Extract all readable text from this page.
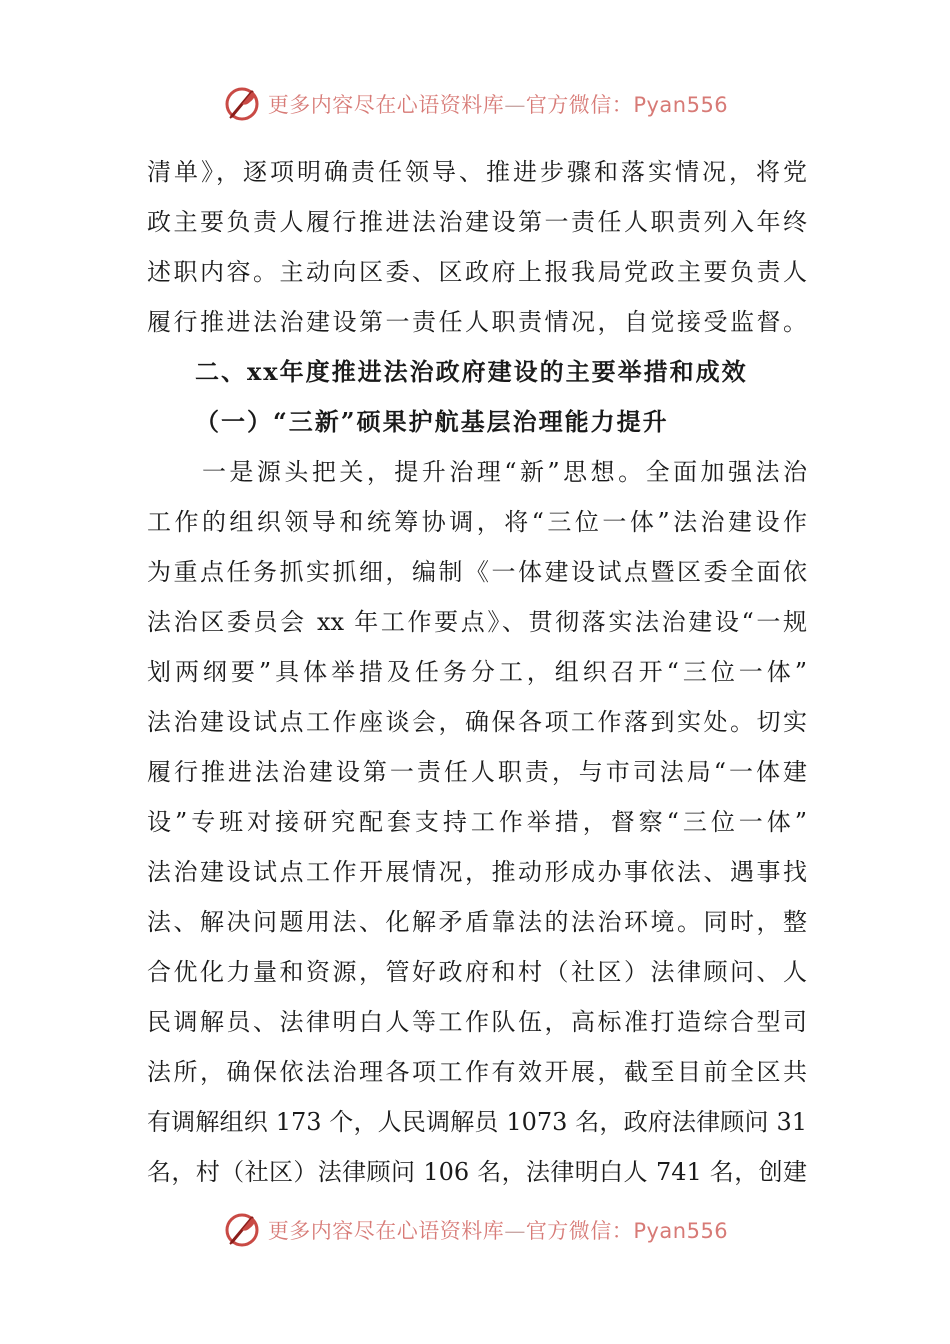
更多内容尽在心语资料库—官方微信：Pyan556
清单》，逐项明确责任领导、推进步骤和落实情况，将党
政主要负责人履行推进法治建设第一责任人职责列入年终
述职内容。主动向区委、区政府上报我局党政主要负责人
履行推进法治建设第一责任人职责情况，自觉接受监督。
二、xx年度推进法治政府建设的主要举措和成效
（一）“三新”硕果护航基层治理能力提升
　　一是源头把关，提升治理“新”思想。全面加强法治
工作的组织领导和统筹协调，将“三位一体”法治建设作
为重点任务抓实抓细，编制《一体建设试点暨区委全面依
法治区委员会 xx 年工作要点》、贯彻落实法治建设“一规
划两纲要”具体举措及任务分工，组织召开“三位一体”
法治建设试点工作座谈会，确保各项工作落到实处。切实
履行推进法治建设第一责任人职责，与市司法局“一体建
设”专班对接研究配套支持工作举措，督察“三位一体”
法治建设试点工作开展情况，推动形成办事依法、遇事找
法、解决问题用法、化解矛盾靠法的法治环境。同时，整
合优化力量和资源，管好政府和村（社区）法律顾问、人
民调解员、法律明白人等工作队伍，高标准打造综合型司
法所，确保依法治理各项工作有效开展，截至目前全区共
有调解组织 173 个，人民调解员 1073 名，政府法律顾问 31
名，村（社区）法律顾问 106 名，法律明白人 741 名，创建
更多内容尽在心语资料库—官方微信：Pyan556
